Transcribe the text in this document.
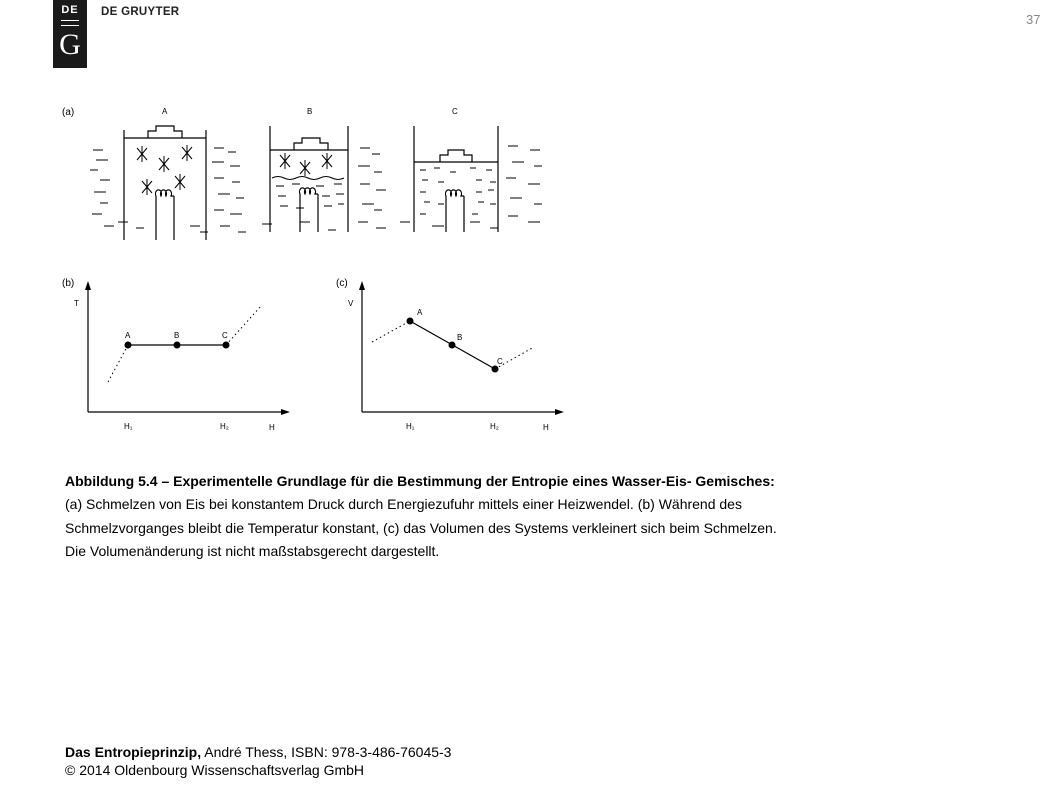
DE
G
DE GRUYTER	37
(a)	A	B	C
(b)
T
H
H₁	H₂
A	B	C
(c)
V
H
H₁	H₂
A
B
C
Abbildung 5.4 – Experimentelle Grundlage für die Bestimmung der Entropie eines Wasser-Eis- Gemisches:
(a) Schmelzen von Eis bei konstantem Druck durch Energiezufuhr mittels einer Heizwendel. (b) Während des
Schmelzvorganges bleibt die Temperatur konstant, (c) das Volumen des Systems verkleinert sich beim Schmelzen.
Die Volumenänderung ist nicht maßstabsgerecht dargestellt.
Das Entropieprinzip, André Thess, ISBN: 978-3-486-76045-3
© 2014 Oldenbourg Wissenschaftsverlag GmbH
